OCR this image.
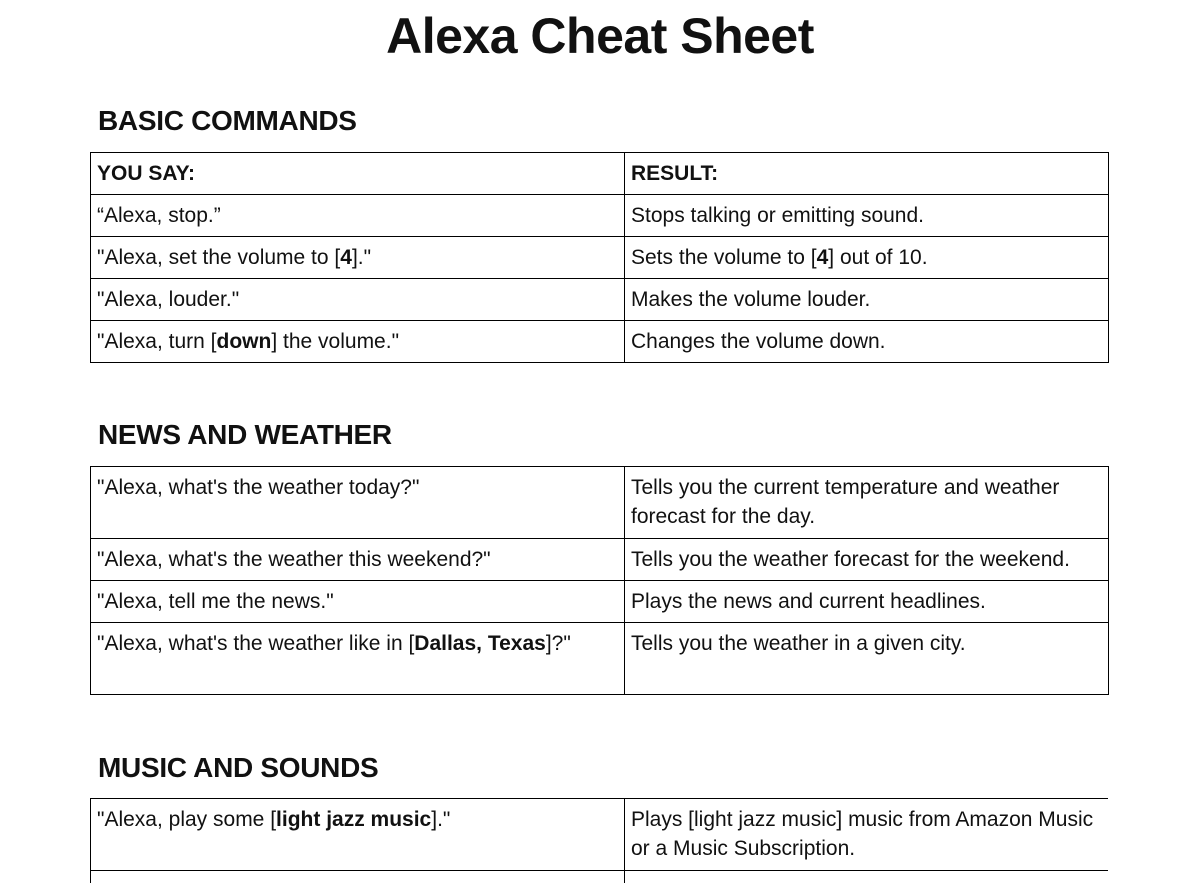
Alexa Cheat Sheet
BASIC COMMANDS
YOU SAY:	RESULT:
“Alexa, stop.”	Stops talking or emitting sound.
"Alexa, set the volume to [4]."	Sets the volume to [4] out of 10.
"Alexa, louder."	Makes the volume louder.
"Alexa, turn [down] the volume."	Changes the volume down.
NEWS AND WEATHER
"Alexa, what's the weather today?"	Tells you the current temperature and weather forecast for the day.
"Alexa, what's the weather this weekend?"	Tells you the weather forecast for the weekend.
"Alexa, tell me the news."	Plays the news and current headlines.
"Alexa, what's the weather like in [Dallas, Texas]?"	Tells you the weather in a given city.
MUSIC AND SOUNDS
"Alexa, play some [light jazz music]."	Plays [light jazz music] music from Amazon Music or a Music Subscription.
